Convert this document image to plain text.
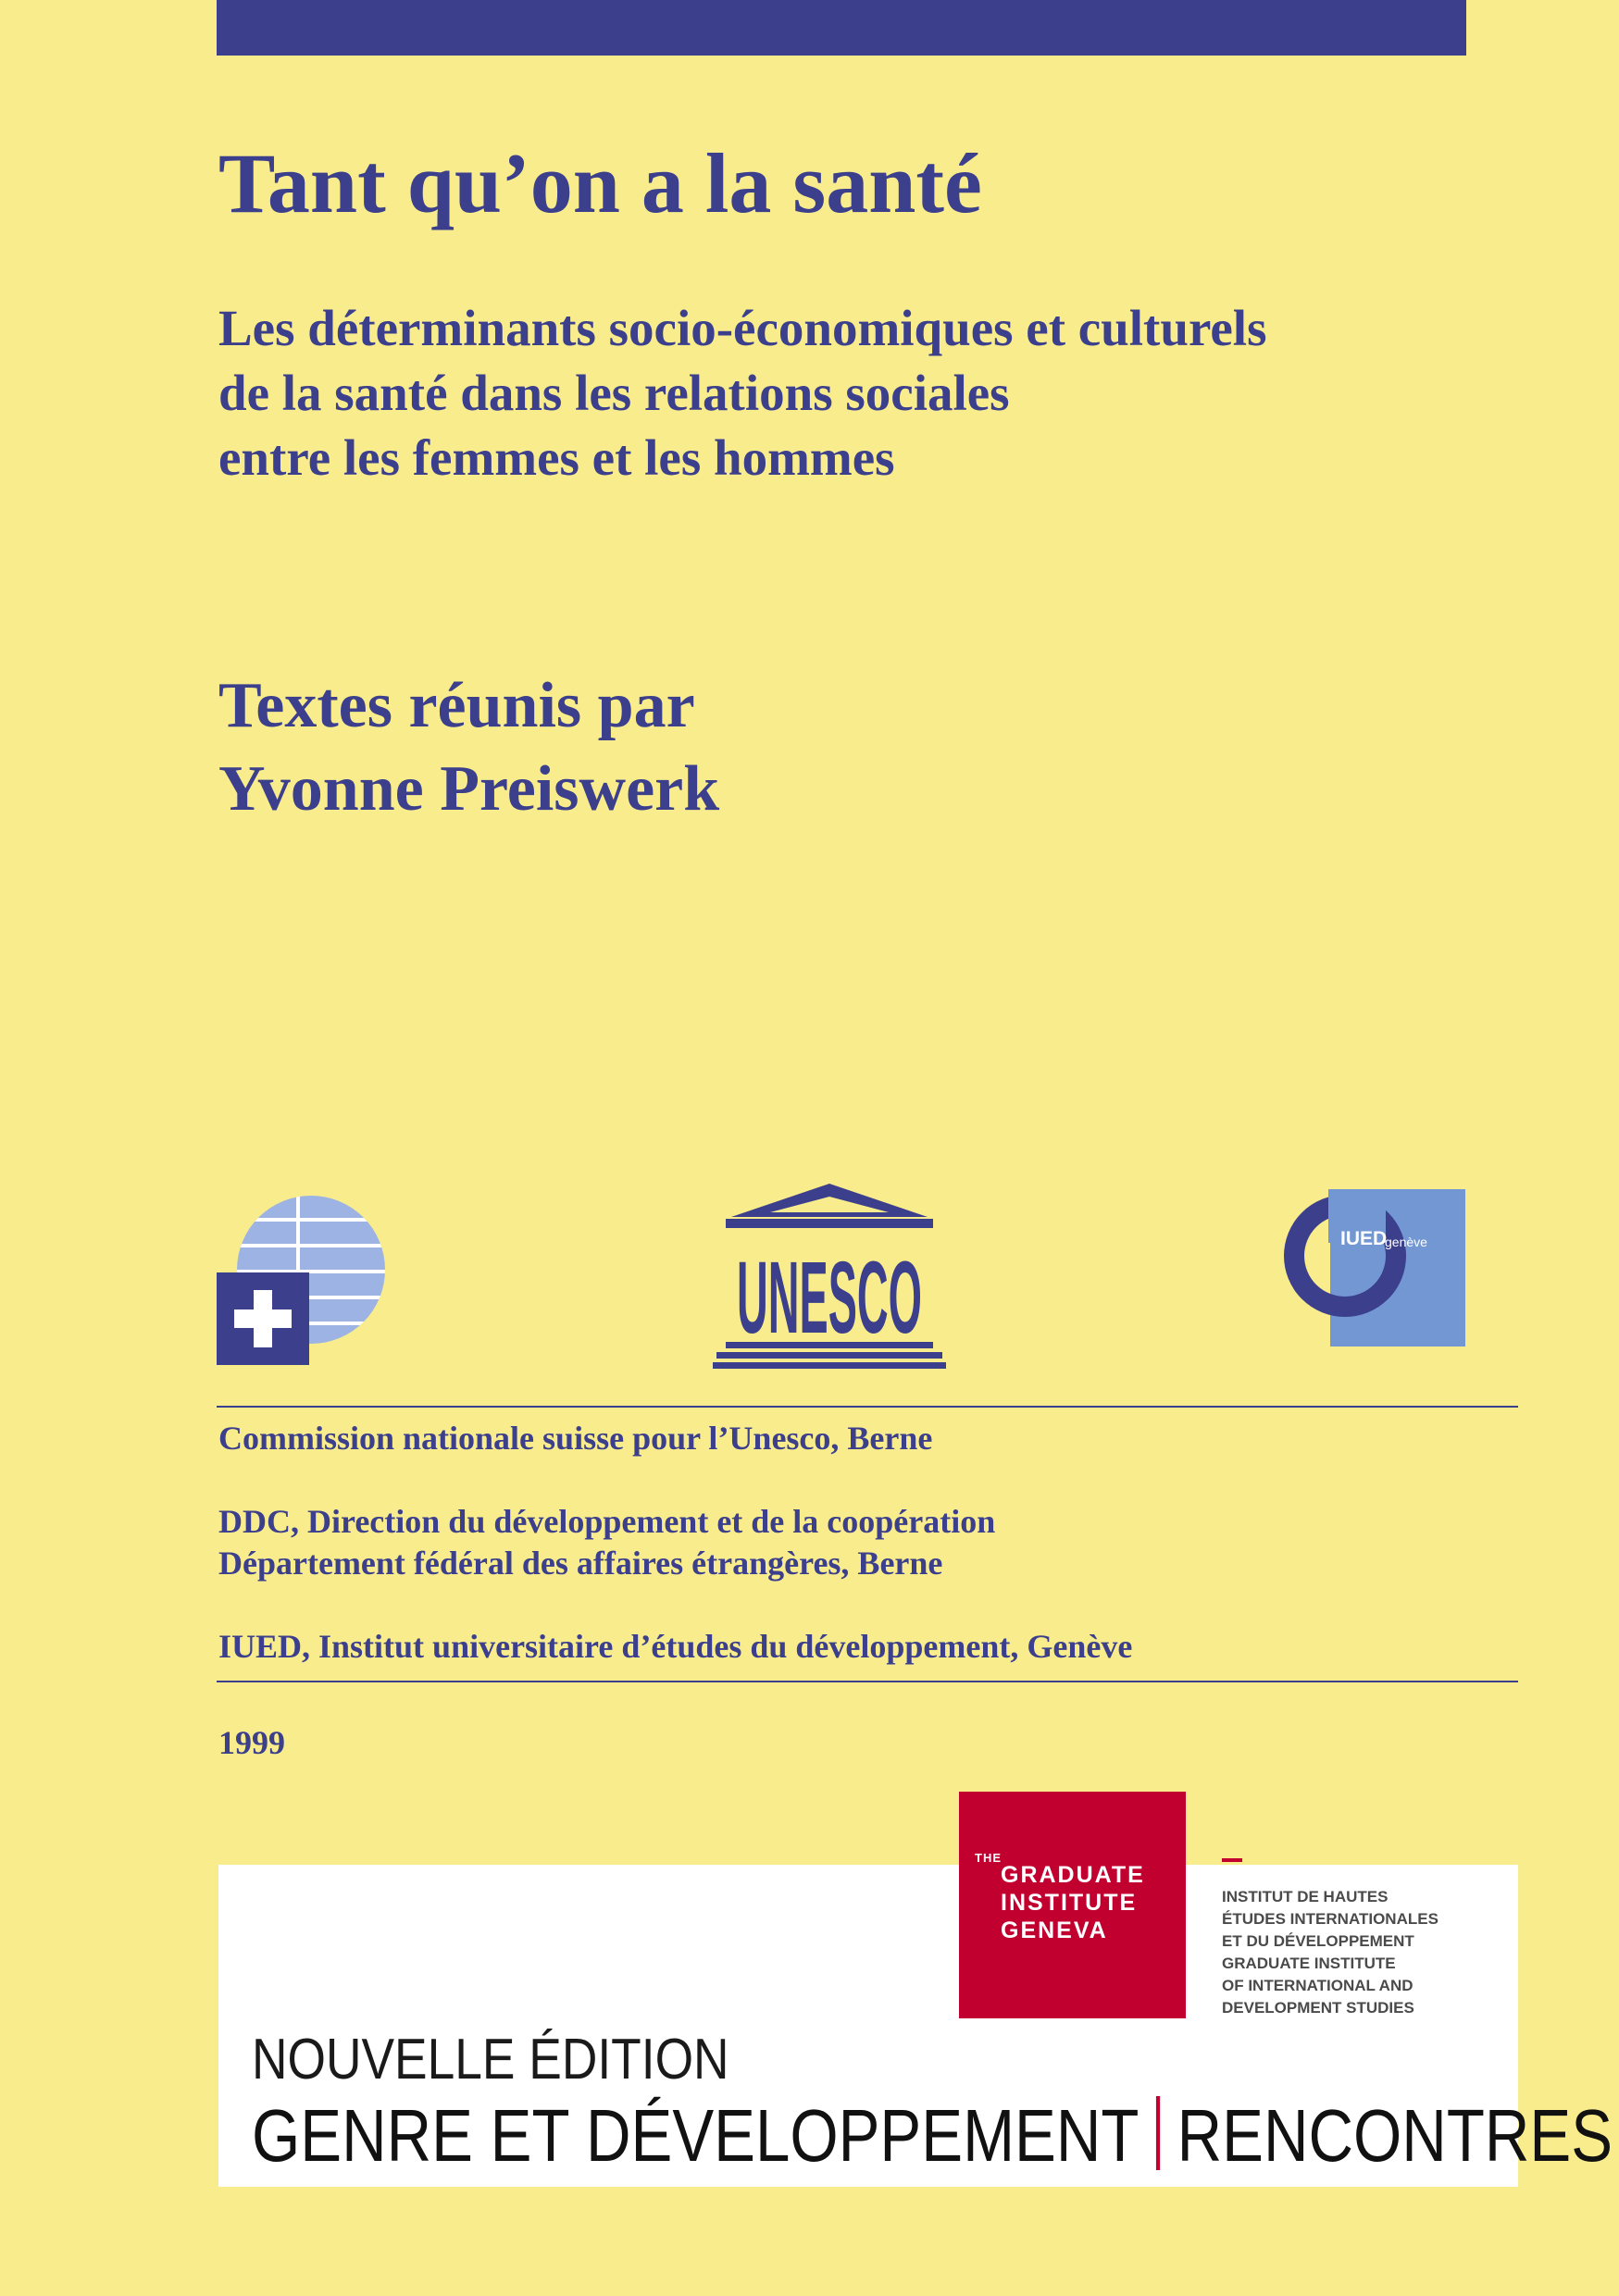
Tant qu’on a la santé
Les déterminants socio-économiques et culturels
de la santé dans les relations sociales
entre les femmes et les hommes
Textes réunis par
Yvonne Preiswerk
UNESCO
IUED
genève
Commission nationale suisse pour l’Unesco, Berne
DDC, Direction du développement et de la coopération
Département fédéral des affaires étrangères, Berne
IUED, Institut universitaire d’études du développement, Genève
1999
THE
GRADUATE
INSTITUTE
GENEVA
INSTITUT DE HAUTES
ÉTUDES INTERNATIONALES
ET DU DÉVELOPPEMENT
GRADUATE INSTITUTE
OF INTERNATIONAL AND
DEVELOPMENT STUDIES
NOUVELLE ÉDITION
GENRE ET DÉVELOPPEMENT RENCONTRES
